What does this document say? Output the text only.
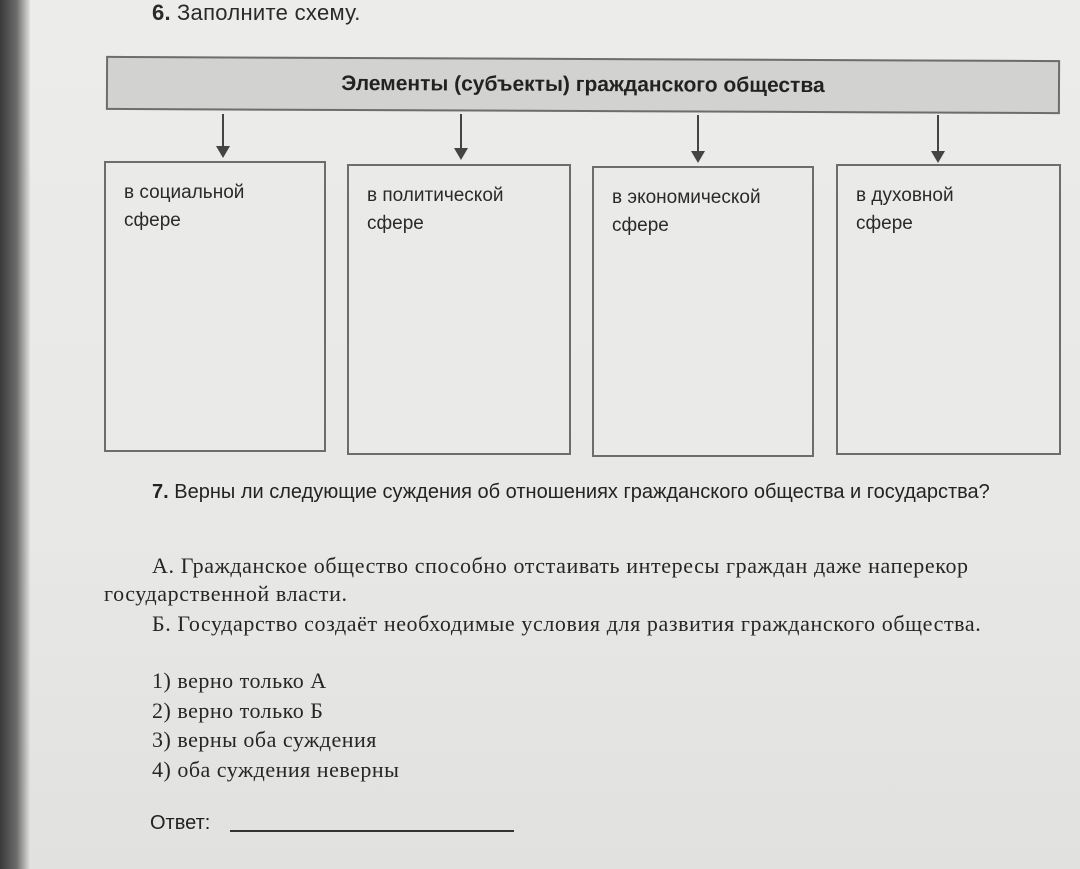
6. Заполните схему.
Элементы (субъекты) гражданского общества
в социальной
сфере
в политической
сфере
в экономической
сфере
в духовной
сфере
7. Верны ли следующие суждения об отношениях гражданского общества и государства?
А. Гражданское общество способно отстаивать интересы граждан даже наперекор государственной власти.
Б. Государство создаёт необходимые условия для развития гражданского общества.
1) верно только А
2) верно только Б
3) верны оба суждения
4) оба суждения неверны
Ответ:
